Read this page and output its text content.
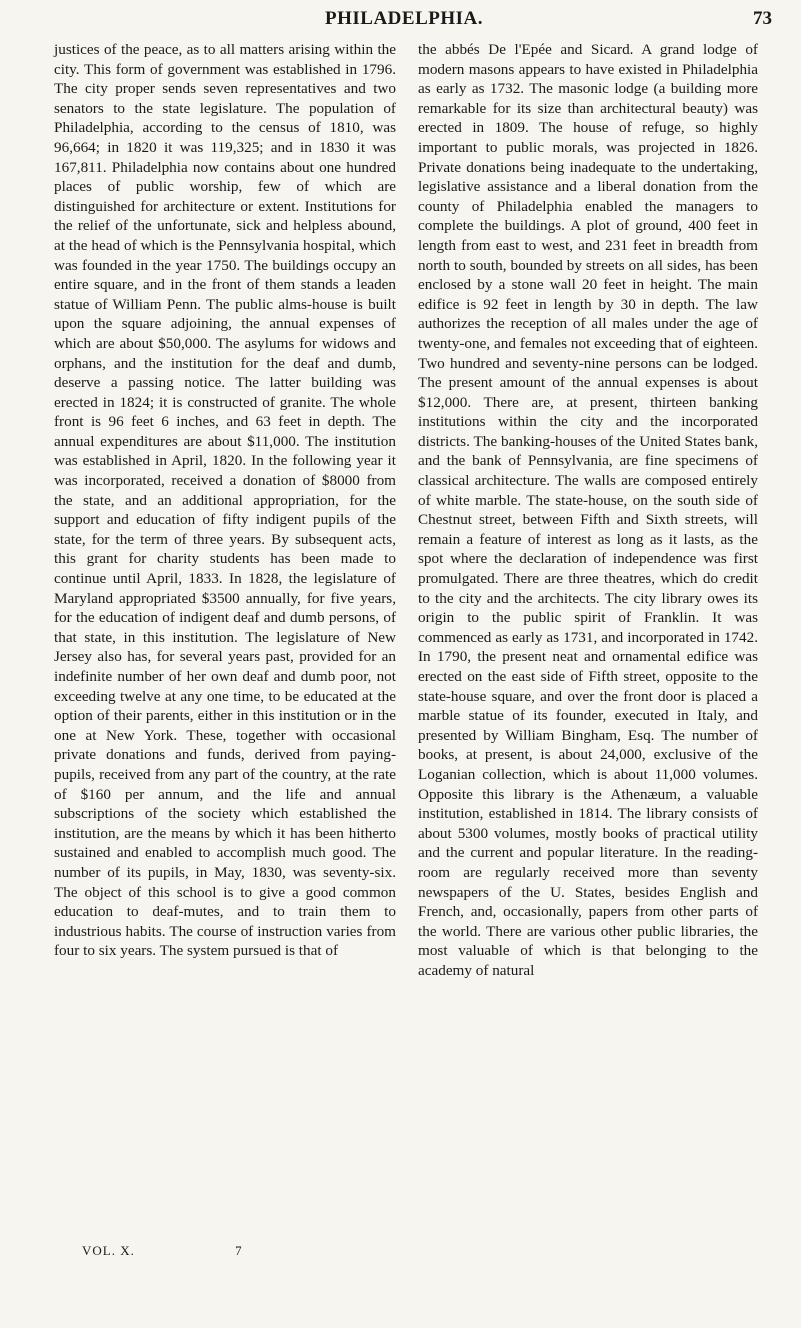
PHILADELPHIA.	73

justices of the peace, as to all matters arising within the city. This form of government was established in 1796. The city proper sends seven representatives and two senators to the state legislature. The population of Philadelphia, according to the census of 1810, was 96,664; in 1820 it was 119,325; and in 1830 it was 167,811. Philadelphia now contains about one hundred places of public worship, few of which are distinguished for architecture or extent. Institutions for the relief of the unfortunate, sick and helpless abound, at the head of which is the Pennsylvania hospital, which was founded in the year 1750. The buildings occupy an entire square, and in the front of them stands a leaden statue of William Penn. The public alms-house is built upon the square adjoining, the annual expenses of which are about $50,000. The asylums for widows and orphans, and the institution for the deaf and dumb, deserve a passing notice. The latter building was erected in 1824; it is constructed of granite. The whole front is 96 feet 6 inches, and 63 feet in depth. The annual expenditures are about $11,000. The institution was established in April, 1820. In the following year it was incorporated, received a donation of $8000 from the state, and an additional appropriation, for the support and education of fifty indigent pupils of the state, for the term of three years. By subsequent acts, this grant for charity students has been made to continue until April, 1833. In 1828, the legislature of Maryland appropriated $3500 annually, for five years, for the education of indigent deaf and dumb persons, of that state, in this institution. The legislature of New Jersey also has, for several years past, provided for an indefinite number of her own deaf and dumb poor, not exceeding twelve at any one time, to be educated at the option of their parents, either in this institution or in the one at New York. These, together with occasional private donations and funds, derived from paying-pupils, received from any part of the country, at the rate of $160 per annum, and the life and annual subscriptions of the society which established the institution, are the means by which it has been hitherto sustained and enabled to accomplish much good. The number of its pupils, in May, 1830, was seventy-six. The object of this school is to give a good common education to deaf-mutes, and to train them to industrious habits. The course of instruction varies from four to six years. The system pursued is that of

the abbés De l'Epée and Sicard. A grand lodge of modern masons appears to have existed in Philadelphia as early as 1732. The masonic lodge (a building more remarkable for its size than architectural beauty) was erected in 1809. The house of refuge, so highly important to public morals, was projected in 1826. Private donations being inadequate to the undertaking, legislative assistance and a liberal donation from the county of Philadelphia enabled the managers to complete the buildings. A plot of ground, 400 feet in length from east to west, and 231 feet in breadth from north to south, bounded by streets on all sides, has been enclosed by a stone wall 20 feet in height. The main edifice is 92 feet in length by 30 in depth. The law authorizes the reception of all males under the age of twenty-one, and females not exceeding that of eighteen. Two hundred and seventy-nine persons can be lodged. The present amount of the annual expenses is about $12,000. There are, at present, thirteen banking institutions within the city and the incorporated districts. The banking-houses of the United States bank, and the bank of Pennsylvania, are fine specimens of classical architecture. The walls are composed entirely of white marble. The state-house, on the south side of Chestnut street, between Fifth and Sixth streets, will remain a feature of interest as long as it lasts, as the spot where the declaration of independence was first promulgated. There are three theatres, which do credit to the city and the architects. The city library owes its origin to the public spirit of Franklin. It was commenced as early as 1731, and incorporated in 1742. In 1790, the present neat and ornamental edifice was erected on the east side of Fifth street, opposite to the state-house square, and over the front door is placed a marble statue of its founder, executed in Italy, and presented by William Bingham, Esq. The number of books, at present, is about 24,000, exclusive of the Loganian collection, which is about 11,000 volumes. Opposite this library is the Athenæum, a valuable institution, established in 1814. The library consists of about 5300 volumes, mostly books of practical utility and the current and popular literature. In the reading-room are regularly received more than seventy newspapers of the U. States, besides English and French, and, occasionally, papers from other parts of the world. There are various other public libraries, the most valuable of which is that belonging to the academy of natural

VOL. X.	7
